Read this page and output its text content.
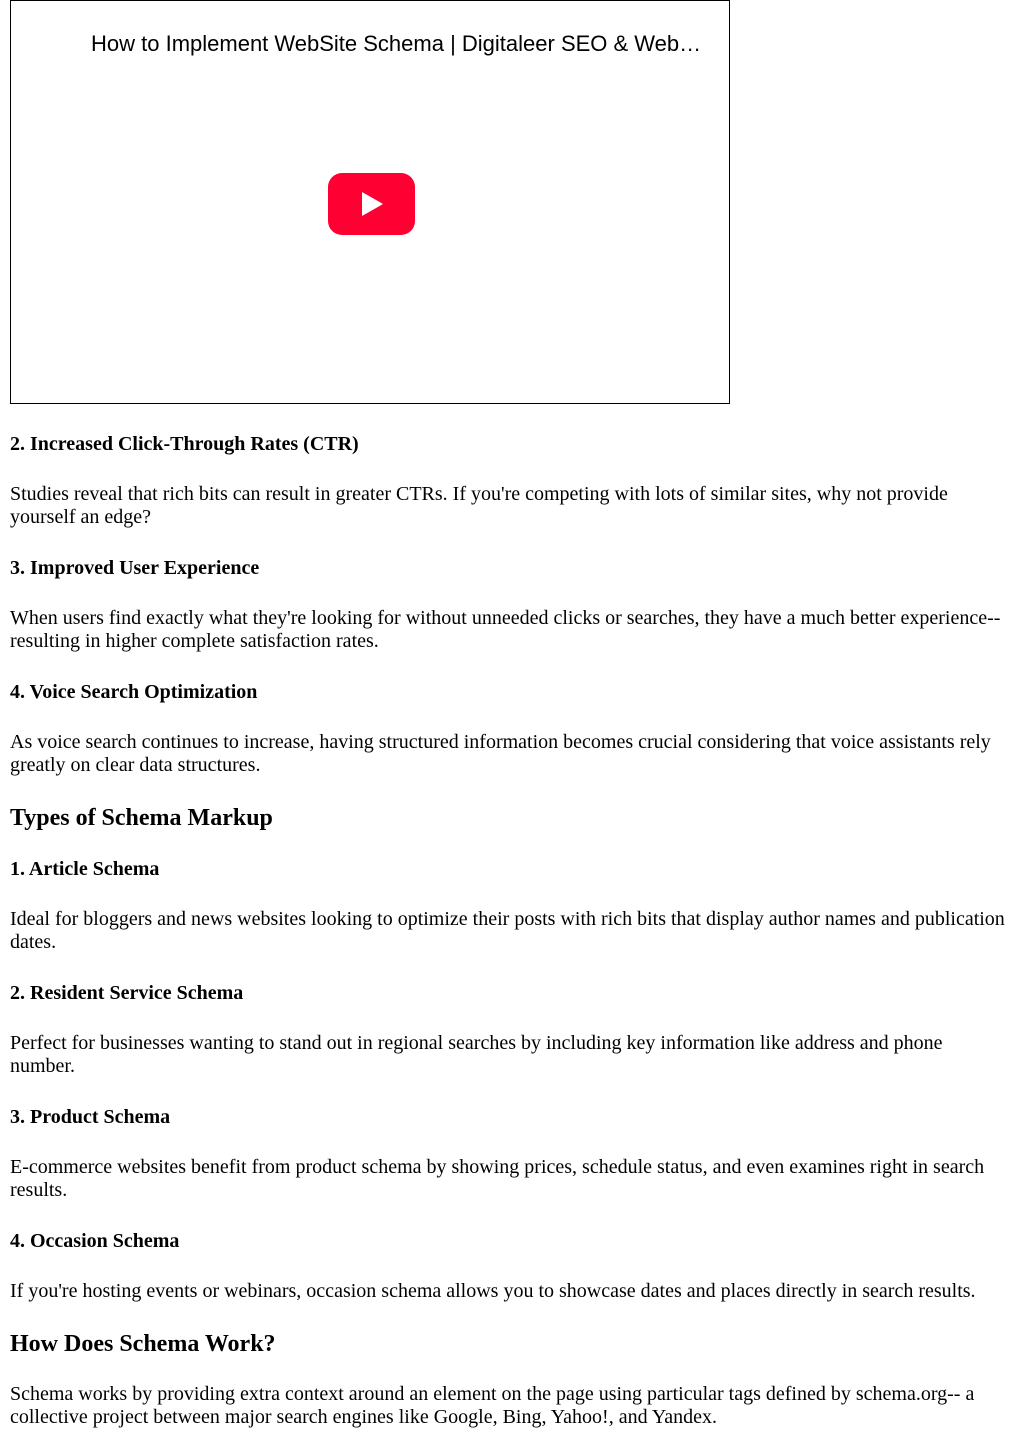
How to Implement WebSite Schema | Digitaleer SEO & Web…
2. Increased Click-Through Rates (CTR)

Studies reveal that rich bits can result in greater CTRs. If you're competing with lots of similar sites, why not provide yourself an edge?

3. Improved User Experience

When users find exactly what they're looking for without unneeded clicks or searches, they have a much better experience-- resulting in higher complete satisfaction rates.

4. Voice Search Optimization

As voice search continues to increase, having structured information becomes crucial considering that voice assistants rely greatly on clear data structures.

Types of Schema Markup
1. Article Schema

Ideal for bloggers and news websites looking to optimize their posts with rich bits that display author names and publication dates.

2. Resident Service Schema

Perfect for businesses wanting to stand out in regional searches by including key information like address and phone number.

3. Product Schema

E-commerce websites benefit from product schema by showing prices, schedule status, and even examines right in search results.

4. Occasion Schema

If you're hosting events or webinars, occasion schema allows you to showcase dates and places directly in search results.

How Does Schema Work?

Schema works by providing extra context around an element on the page using particular tags defined by schema.org-- a collective project between major search engines like Google, Bing, Yahoo!, and Yandex.
